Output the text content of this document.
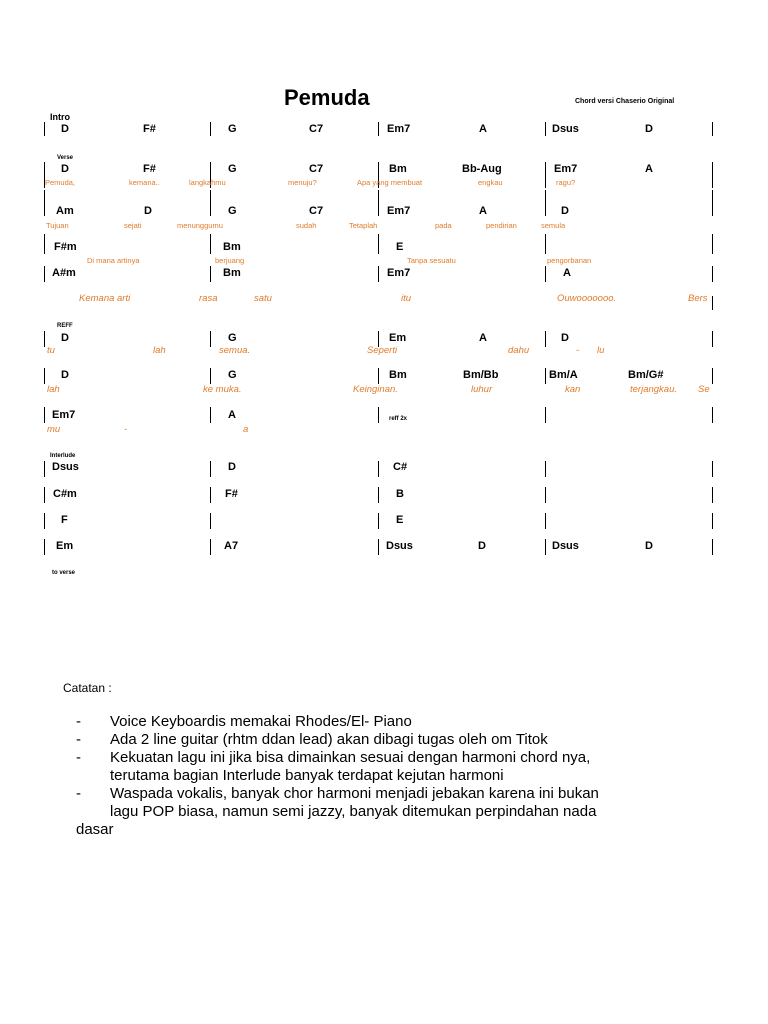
Pemuda	Chord versi Chaserio Original
Intro
Verse
REFF
reff 2x
Interlude
to verse
D	F#	G	C7	Em7	A	Dsus	D
D	F#	G	C7	Bm	Bb-Aug	Em7	A
Pemuda,	kemana..	langkahmu	menuju?	Apa yang membuat	engkau	ragu?
Am	D	G	C7	Em7	A	D
Tujuan	sejati	menunggumu	sudah	Tetaplah	pada	pendirian	semula
F#m	Bm	E
Di mana artinya	berjuang	Tanpa sesuatu	pengorbanan
A#m	Bm	Em7	A
Kemana arti	rasa	satu	itu	Ouwooooooo.	Bers
D	G	Em	A	D
tu	lah	semua.	Seperti	dahu	- lu
D	G	Bm	Bm/Bb	Bm/A	Bm/G#
lah	ke muka.	Keinginan.	luhur	kan	terjangkau. Se
Em7	A
mu	-	a
Dsus	D	C#
C#m	F#	B
F	E
Em	A7	Dsus	D	Dsus	D
Catatan :
- Voice Keyboardis memakai Rhodes/El- Piano
- Ada 2 line guitar (rhtm ddan lead) akan dibagi tugas oleh om Titok
- Kekuatan lagu ini jika bisa dimainkan sesuai dengan harmoni chord nya,
terutama bagian Interlude banyak terdapat kejutan harmoni
- Waspada vokalis, banyak chor harmoni menjadi jebakan karena ini bukan
lagu POP biasa, namun semi jazzy, banyak ditemukan perpindahan nada
dasar
